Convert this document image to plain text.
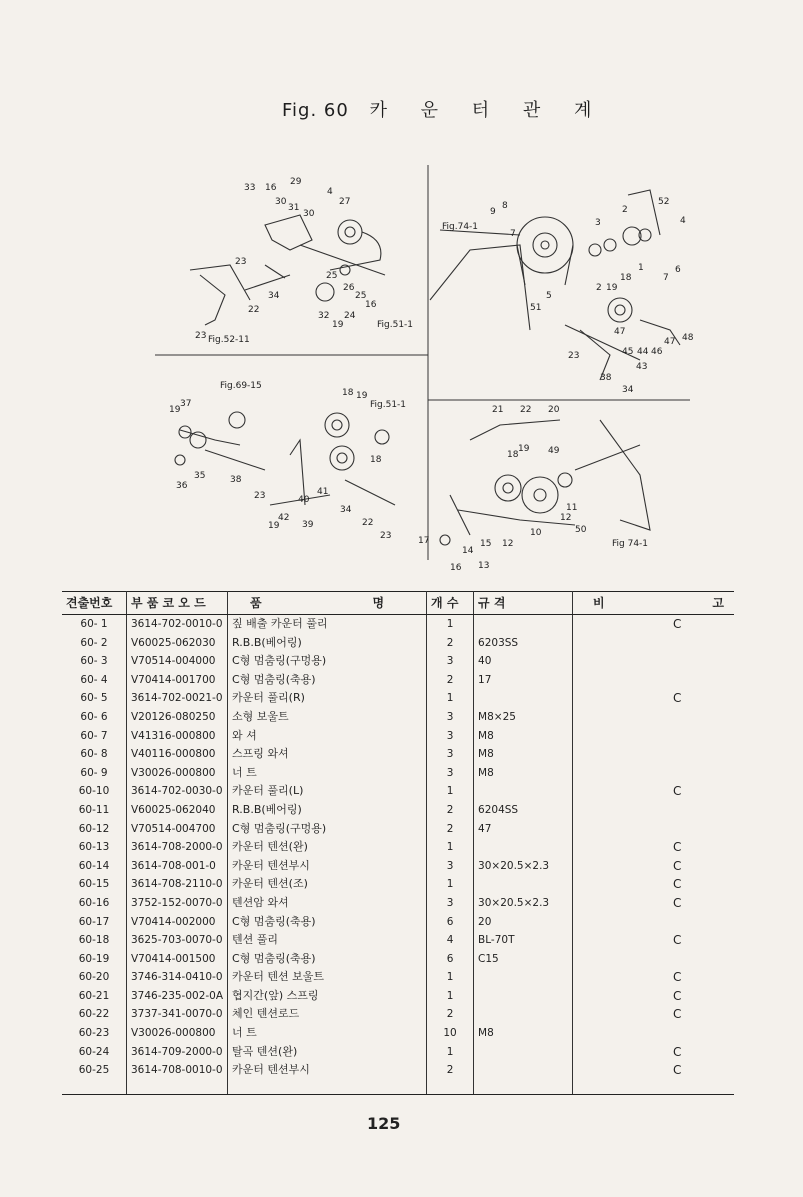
Fig. 60 카 운 터 관 계
33 16
29
30
31
30
4
27
23
22
34
25
26
25
16
32
19
24
23
Fig.51-1
Fig.52-11
9
8
Fig.74-1
7
5
51
3
2
52
4
6
7
2 19
18
47
45 44 46
48
47
43
34
38
23
Fig.69-15
19
37
36
35	38
23
18 19
Fig.51-1
18
41
40
39
42
19
34
22
23
21 22 20
19
18	49
11
12
10	50
14
15 12
13
16
17	Fig 74-1
1
견출번호	부 품 코 오 드	품 명	개 수	규 격	비 고

60- 1	3614-702-0010-0	짚 배출 카운터 풀리	1		C
60- 2	V60025-062030	R.B.B(베어링)	2	6203SS	
60- 3	V70514-004000	C형 멈춤링(구멍용)	3	40	
60- 4	V70414-001700	C형 멈춤링(축용)	2	17	
60- 5	3614-702-0021-0	카운터 풀리(R)	1		C
60- 6	V20126-080250	소형 보울트	3	M8×25	
60- 7	V41316-000800	와 셔	3	M8	
60- 8	V40116-000800	스프링 와셔	3	M8	
60- 9	V30026-000800	너 트	3	M8	
60-10	3614-702-0030-0	카운터 풀리(L)	1		C
60-11	V60025-062040	R.B.B(베어링)	2	6204SS	
60-12	V70514-004700	C형 멈춤링(구멍용)	2	47	
60-13	3614-708-2000-0	카운터 텐션(완)	1		C
60-14	3614-708-001-0	카운터 텐션부시	3	30×20.5×2.3	C
60-15	3614-708-2110-0	카운터 텐션(조)	1		C
60-16	3752-152-0070-0	텐션암 와셔	3	30×20.5×2.3	C
60-17	V70414-002000	C형 멈춤링(축용)	6	20	
60-18	3625-703-0070-0	텐션 풀리	4	BL-70T	C
60-19	V70414-001500	C형 멈춤링(축용)	6	C15	
60-20	3746-314-0410-0	카운터 텐션 보울트	1		C
60-21	3746-235-002-0A	협지간(앞) 스프링	1		C
60-22	3737-341-0070-0	체인 텐션로드	2		C
60-23	V30026-000800	너 트	10	M8	
60-24	3614-709-2000-0	탈곡 텐션(완)	1		C
60-25	3614-708-0010-0	카운터 텐션부시	2		C
125
